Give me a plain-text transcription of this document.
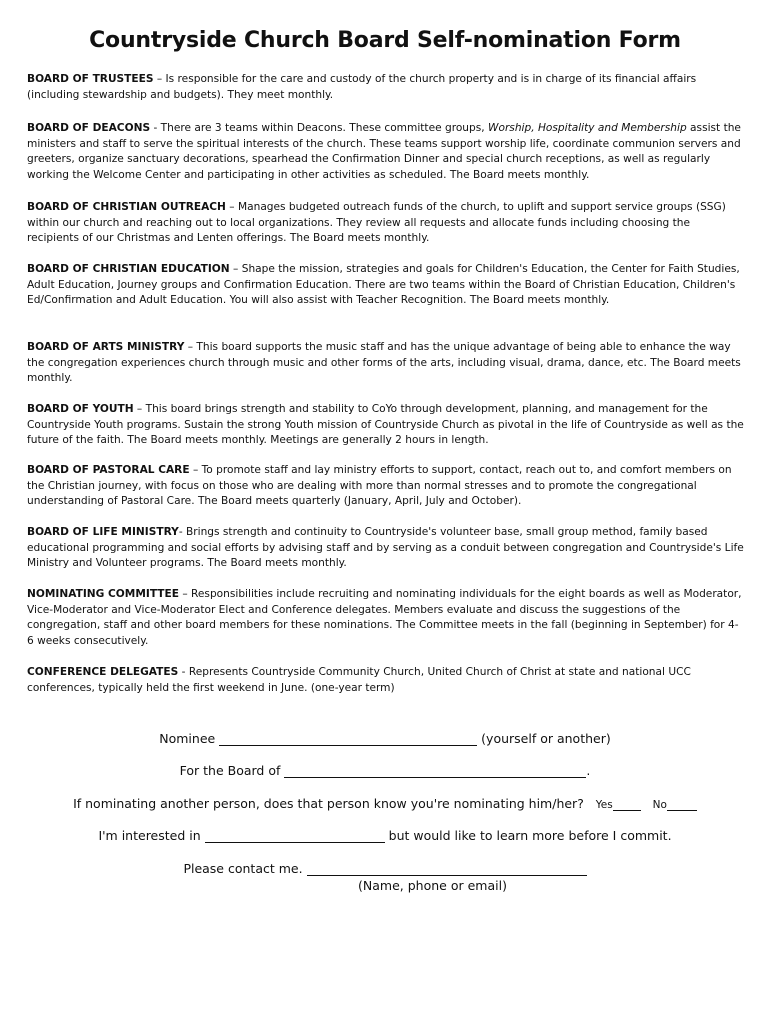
Countryside Church Board Self-nomination Form
BOARD OF TRUSTEES – Is responsible for the care and custody of the church property and is in charge of its financial affairs (including stewardship and budgets). They meet monthly.
BOARD OF DEACONS - There are 3 teams within Deacons. These committee groups, Worship, Hospitality and Membership assist the ministers and staff to serve the spiritual interests of the church. These teams support worship life, coordinate communion servers and greeters, organize sanctuary decorations, spearhead the Confirmation Dinner and special church receptions, as well as regularly working the Welcome Center and participating in other activities as scheduled. The Board meets monthly.
BOARD OF CHRISTIAN OUTREACH – Manages budgeted outreach funds of the church, to uplift and support service groups (SSG) within our church and reaching out to local organizations. They review all requests and allocate funds including choosing the recipients of our Christmas and Lenten offerings. The Board meets monthly.
BOARD OF CHRISTIAN EDUCATION – Shape the mission, strategies and goals for Children's Education, the Center for Faith Studies, Adult Education, Journey groups and Confirmation Education. There are two teams within the Board of Christian Education, Children's Ed/Confirmation and Adult Education. You will also assist with Teacher Recognition. The Board meets monthly.
BOARD OF ARTS MINISTRY – This board supports the music staff and has the unique advantage of being able to enhance the way the congregation experiences church through music and other forms of the arts, including visual, drama, dance, etc. The Board meets monthly.
BOARD OF YOUTH – This board brings strength and stability to CoYo through development, planning, and management for the Countryside Youth programs. Sustain the strong Youth mission of Countryside Church as pivotal in the life of Countryside as well as the future of the faith. The Board meets monthly. Meetings are generally 2 hours in length.
BOARD OF PASTORAL CARE – To promote staff and lay ministry efforts to support, contact, reach out to, and comfort members on the Christian journey, with focus on those who are dealing with more than normal stresses and to promote the congregational understanding of Pastoral Care. The Board meets quarterly (January, April, July and October).
BOARD OF LIFE MINISTRY- Brings strength and continuity to Countryside's volunteer base, small group method, family based educational programming and social efforts by advising staff and by serving as a conduit between congregation and Countryside's Life Ministry and Volunteer programs. The Board meets monthly.
NOMINATING COMMITTEE – Responsibilities include recruiting and nominating individuals for the eight boards as well as Moderator, Vice-Moderator and Vice-Moderator Elect and Conference delegates. Members evaluate and discuss the suggestions of the congregation, staff and other board members for these nominations. The Committee meets in the fall (beginning in September) for 4-6 weeks consecutively.
CONFERENCE DELEGATES - Represents Countryside Community Church, United Church of Christ at state and national UCC conferences, typically held the first weekend in June. (one-year term)
Nominee	(yourself or another)
For the Board of	.
If nominating another person, does that person know you're nominating him/her? Yes	No
I'm interested in	but would like to learn more before I commit.
Please contact me.
(Name, phone or email)
